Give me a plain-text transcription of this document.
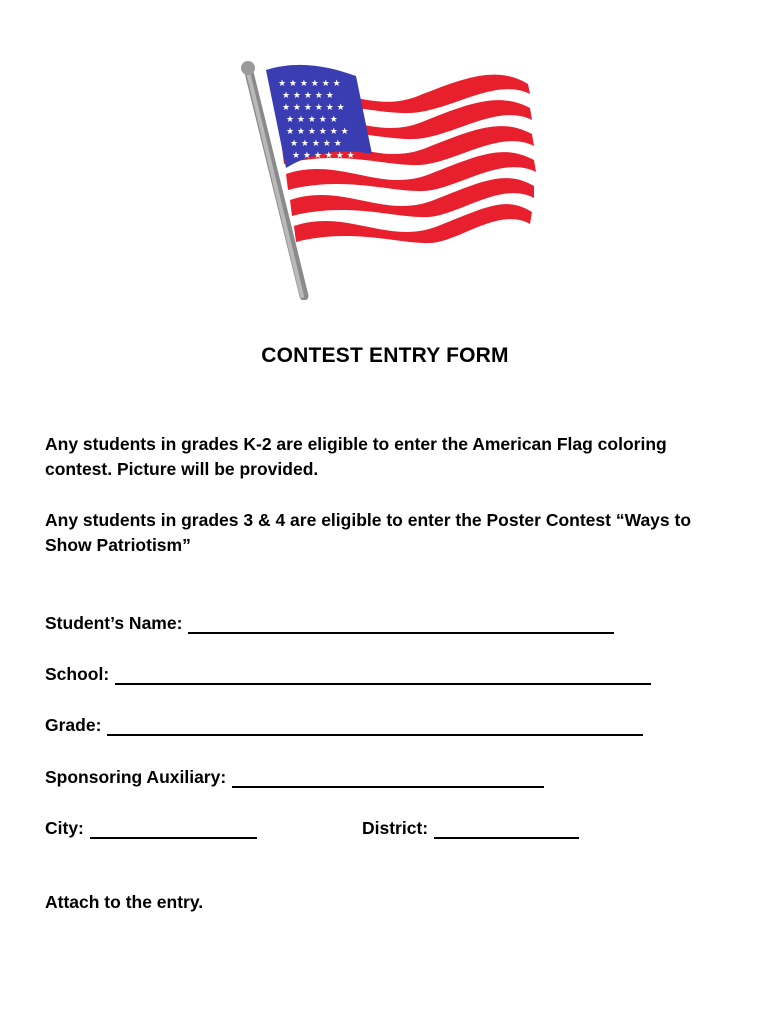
★ ★ ★ ★ ★ ★
★ ★ ★ ★ ★
★ ★ ★ ★ ★ ★
★ ★ ★ ★ ★
★ ★ ★ ★ ★ ★
★ ★ ★ ★ ★
★ ★ ★ ★ ★ ★
CONTEST ENTRY FORM
Any students in grades K-2 are eligible to enter the American Flag coloring contest. Picture will be provided.
Any students in grades 3 & 4 are eligible to enter the Poster Contest “Ways to Show Patriotism”
Student’s Name:
School:
Grade:
Sponsoring Auxiliary:
City:	District:
Attach to the entry.
